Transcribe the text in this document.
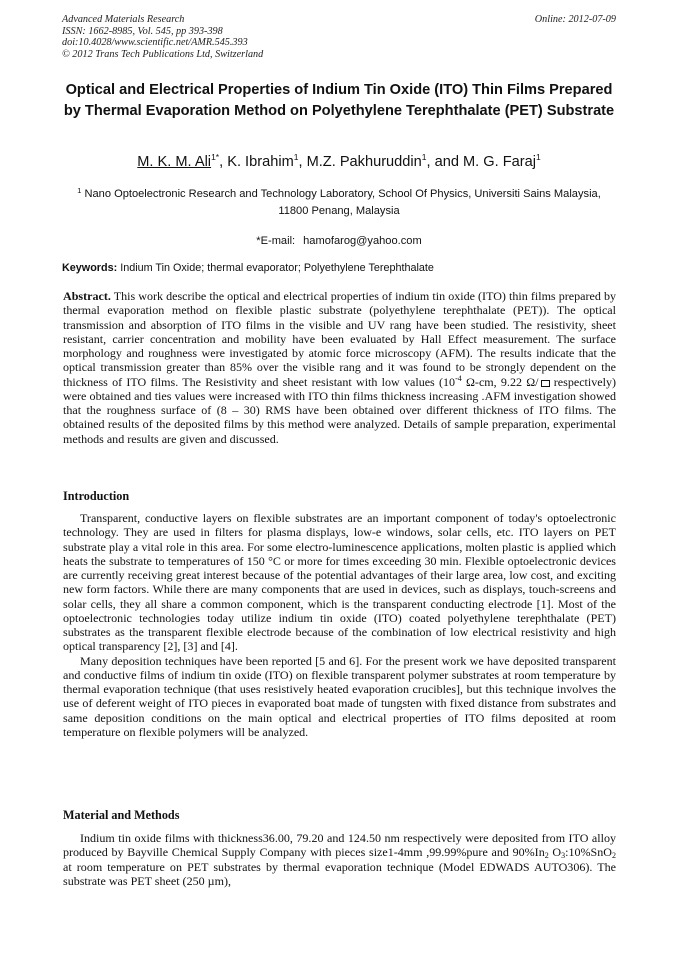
Advanced Materials Research
ISSN: 1662-8985, Vol. 545, pp 393-398
doi:10.4028/www.scientific.net/AMR.545.393
© 2012 Trans Tech Publications Ltd, Switzerland
Online: 2012-07-09
Optical and Electrical Properties of Indium Tin Oxide (ITO) Thin Films Prepared by Thermal Evaporation Method on Polyethylene Terephthalate (PET) Substrate
M. K. M. Ali$^{1*}$, K. Ibrahim$^1$, M.Z. Pakhuruddin$^1$, and M. G. Faraj$^1$
$^1$ Nano Optoelectronic Research and Technology Laboratory, School Of Physics, Universiti Sains Malaysia, 11800 Penang, Malaysia
*E-mail: hamofarog@yahoo.com
Keywords: Indium Tin Oxide; thermal evaporator; Polyethylene Terephthalate

Abstract. This work describe the optical and electrical properties of indium tin oxide (ITO) thin films prepared by thermal evaporation method on flexible plastic substrate (polyethylene terephthalate (PET)). The optical transmission and absorption of ITO films in the visible and UV rang have been studied. The resistivity, sheet resistant, carrier concentration and mobility have been evaluated by Hall Effect measurement. The surface morphology and roughness were investigated by atomic force microscopy (AFM). The results indicate that the optical transmission greater than 85% over the visible rang and it was found to be strongly dependent on the thickness of ITO films. The Resistivity and sheet resistant with low values ($10^{-4}$ Ω-cm, 9.22 Ω/ respectively) were obtained and ties values were increased with ITO thin films thickness increasing .AFM investigation showed that the roughness surface of (8 – 30) RMS have been obtained over different thickness of ITO films. The obtained results of the deposited films by this method were analyzed. Details of sample preparation, experimental methods and results are given and discussed.

Introduction

Transparent, conductive layers on flexible substrates are an important component of today's optoelectronic technology. They are used in filters for plasma displays, low-e windows, solar cells, etc. ITO layers on PET substrate play a vital role in this area. For some electro-luminescence applications, molten plastic is applied which heats the substrate to temperatures of 150 °C or more for times exceeding 30 min. Flexible optoelectronic devices are currently receiving great interest because of the potential advantages of their large area, low cost, and exciting new form factors. While there are many components that are used in devices, such as displays, touch-screens and solar cells, they all share a common component, which is the transparent conducting electrode [1]. Most of the optoelectronic technologies today utilize indium tin oxide (ITO) coated polyethylene terephthalate (PET) substrates as the transparent flexible electrode because of the combination of low electrical resistivity and high optical transparency [2], [3] and [4].

Many deposition techniques have been reported [5 and 6]. For the present work we have deposited transparent and conductive films of indium tin oxide (ITO) on flexible transparent polymer substrates at room temperature by thermal evaporation technique (that uses resistively heated evaporation crucibles], but this technique involves the use of deferent weight of ITO pieces in evaporated boat made of tungsten with fixed distance from substrates and same deposition conditions on the main optical and electrical properties of ITO films deposited at room temperature on flexible polymers will be analyzed.

Material and Methods

Indium tin oxide films with thickness36.00, 79.20 and 124.50 nm respectively were deposited from ITO alloy produced by Bayville Chemical Supply Company with pieces size1-4mm ,99.99%pure and 90%In2 O3:10%SnO2 at room temperature on PET substrates by thermal evaporation technique (Model EDWADS AUTO306). The substrate was PET sheet (250 µm),
